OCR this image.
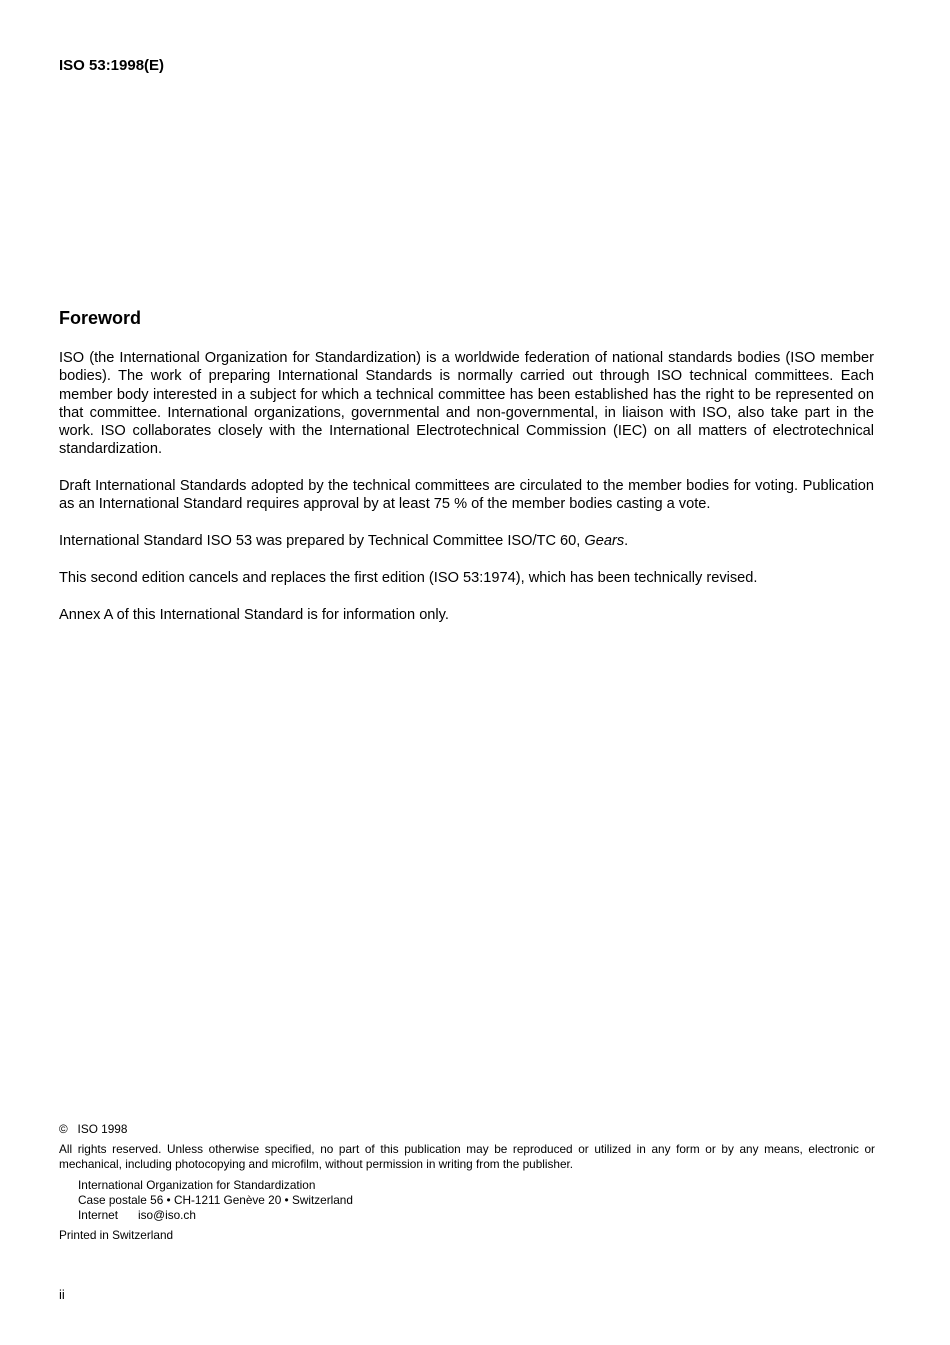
ISO 53:1998(E)
Foreword

ISO (the International Organization for Standardization) is a worldwide federation of national standards bodies (ISO member bodies). The work of preparing International Standards is normally carried out through ISO technical committees. Each member body interested in a subject for which a technical committee has been established has the right to be represented on that committee. International organizations, governmental and non-governmental, in liaison with ISO, also take part in the work. ISO collaborates closely with the International Electrotechnical Commission (IEC) on all matters of electrotechnical standardization.

Draft International Standards adopted by the technical committees are circulated to the member bodies for voting. Publication as an International Standard requires approval by at least 75 % of the member bodies casting a vote.

International Standard ISO 53 was prepared by Technical Committee ISO/TC 60, Gears.

This second edition cancels and replaces the first edition (ISO 53:1974), which has been technically revised.

Annex A of this International Standard is for information only.

© ISO 1998
All rights reserved. Unless otherwise specified, no part of this publication may be reproduced or utilized in any form or by any means, electronic or mechanical, including photocopying and microfilm, without permission in writing from the publisher.
International Organization for Standardization
Case postale 56 • CH-1211 Genève 20 • Switzerland
Internet iso@iso.ch
Printed in Switzerland
ii
